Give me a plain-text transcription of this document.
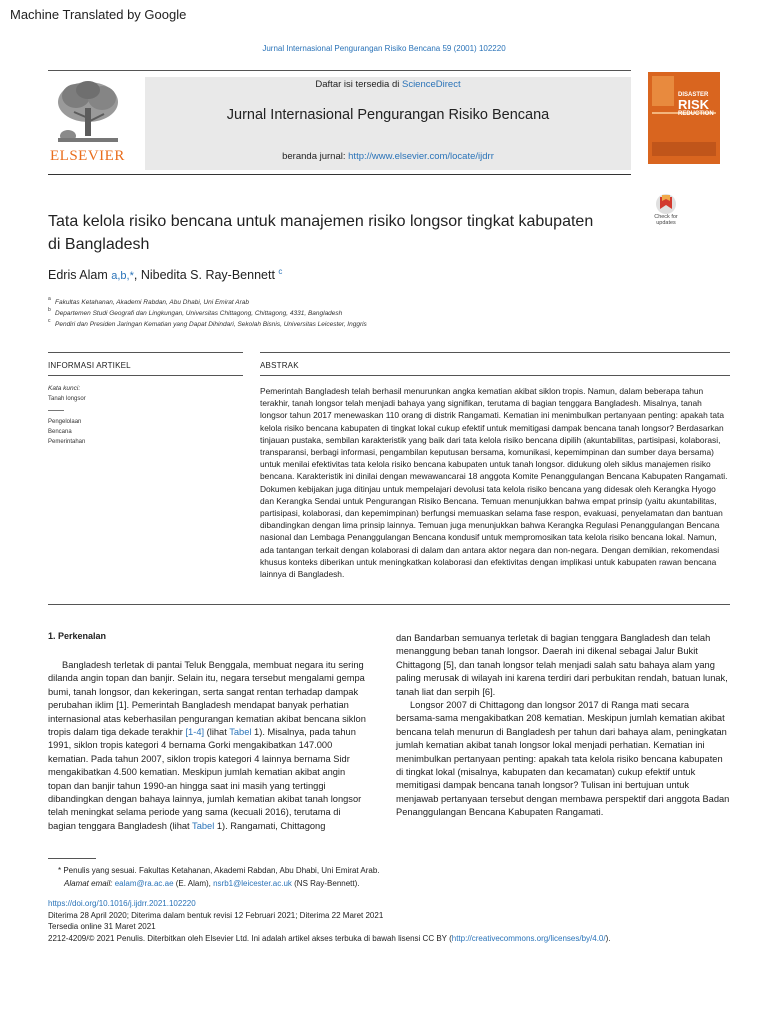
Machine Translated by Google
Jurnal Internasional Pengurangan Risiko Bencana 59 (2001) 102220
ELSEVIER
Daftar isi tersedia di ScienceDirect
Jurnal Internasional Pengurangan Risiko Bencana
beranda jurnal: http://www.elsevier.com/locate/ijdrr
DISASTER
RISK
REDUCTION
Tata kelola risiko bencana untuk manajemen risiko longsor tingkat kabupaten
di Bangladesh
Check for updates
Edris Alam a,b,*, Nibedita S. Ray-Bennett $^c$
a Fakultas Ketahanan, Akademi Rabdan, Abu Dhabi, Uni Emirat Arab
b Departemen Studi Geografi dan Lingkungan, Universitas Chittagong, Chittagong, 4331, Bangladesh
c Pendiri dan Presiden Jaringan Kematian yang Dapat Dihindari, Sekolah Bisnis, Universitas Leicester, Inggris
INFORMASI ARTIKEL	ABSTRAK
Kata kunci:
Tanah longsor
Pengelolaan
Bencana
Pemerintahan
Pemerintah Bangladesh telah berhasil menurunkan angka kematian akibat siklon tropis. Namun, dalam beberapa tahun terakhir, tanah longsor telah menjadi bahaya yang signifikan, terutama di bagian tenggara Bangladesh. Misalnya, tanah longsor tahun 2017 menewaskan 110 orang di distrik Rangamati. Kematian ini menimbulkan pertanyaan penting: apakah tata kelola risiko bencana kabupaten di tingkat lokal cukup efektif untuk memitigasi dampak bencana tanah longsor? Berdasarkan tinjauan pustaka, sembilan karakteristik yang baik dari tata kelola risiko bencana dipilih (akuntabilitas, partisipasi, kolaborasi, transparansi, berbagi informasi, pengambilan keputusan bersama, komunikasi, kepemimpinan dan sumber daya bersama) untuk menilai efektivitas tata kelola risiko bencana kabupaten untuk tanah longsor. didukung oleh siklus manajemen risiko bencana. Karakteristik ini dinilai dengan mewawancarai 18 anggota Komite Penanggulangan Bencana Kabupaten Rangamati. Dokumen kebijakan juga ditinjau untuk mempelajari devolusi tata kelola risiko bencana yang didesak oleh Kerangka Hyogo dan Kerangka Sendai untuk Pengurangan Risiko Bencana. Temuan menunjukkan bahwa empat prinsip (yaitu akuntabilitas, partisipasi, kolaborasi, dan kepemimpinan) berfungsi memuaskan selama fase respon, evakuasi, penyelamatan dan bantuan dibandingkan dengan lima prinsip lainnya. Temuan juga menunjukkan bahwa Kerangka Regulasi Penanggulangan Bencana nasional dan Lembaga Penanggulangan Bencana kondusif untuk mempromosikan tata kelola risiko bencana lokal. Namun, ada tantangan terkait dengan kolaborasi di dalam dan antara aktor negara dan non-negara. Dengan demikian, rekomendasi khusus konteks diberikan untuk meningkatkan kolaborasi dan efektivitas dengan implikasi untuk kabupaten rawan bencana lainnya di Bangladesh.
1. Perkenalan

Bangladesh terletak di pantai Teluk Benggala, membuat negara itu sering dilanda angin topan dan banjir. Selain itu, negara tersebut mengalami gempa bumi, tanah longsor, dan kekeringan, serta sangat rentan terhadap dampak perubahan iklim [1]. Pemerintah Bangladesh mendapat banyak perhatian internasional atas keberhasilan pengurangan kematian akibat bencana siklon tropis dalam tiga dekade terakhir [1-4] (lihat Tabel 1). Misalnya, pada tahun 1991, siklon tropis kategori 4 bernama Gorki mengakibatkan 147.000 kematian. Pada tahun 2007, siklon tropis kategori 4 lainnya bernama Sidr mengakibatkan 4.500 kematian. Meskipun jumlah kematian akibat angin topan dan banjir tahun 1990-an hingga saat ini masih yang tertinggi dibandingkan dengan bahaya lainnya, jumlah kematian akibat tanah longsor telah meningkat selama periode yang sama (kecuali 2016), terutama di bagian tenggara Bangladesh (lihat Tabel 1). Rangamati, Chittagong

dan Bandarban semuanya terletak di bagian tenggara Bangladesh dan telah menanggung beban tanah longsor. Daerah ini dikenal sebagai Jalur Bukit Chittagong [5], dan tanah longsor telah menjadi salah satu bahaya alam yang paling merusak di wilayah ini karena terdiri dari perbukitan rendah, batuan lunak, tanah liat dan serpih [6].

Longsor 2007 di Chittagong dan longsor 2017 di Ranga mati secara bersama-sama mengakibatkan 208 kematian. Meskipun jumlah kematian akibat bencana telah menurun di Bangladesh per tahun dari bahaya alam, peningkatan jumlah kematian akibat tanah longsor lokal menjadi perhatian. Kematian ini menimbulkan pertanyaan penting: apakah tata kelola risiko bencana kabupaten di tingkat lokal (misalnya, kabupaten dan kecamatan) cukup efektif untuk memitigasi dampak bencana tanah longsor? Tulisan ini bertujuan untuk menjawab pertanyaan tersebut dengan membawa perspektif dari anggota Badan Penanggulangan Bencana Kabupaten Rangamati.

* Penulis yang sesuai. Fakultas Ketahanan, Akademi Rabdan, Abu Dhabi, Uni Emirat Arab.
Alamat email: ealam@ra.ac.ae (E. Alam), nsrb1@leicester.ac.uk (NS Ray-Bennett).
https://doi.org/10.1016/j.ijdrr.2021.102220
Diterima 28 April 2020; Diterima dalam bentuk revisi 12 Februari 2021; Diterima 22 Maret 2021
Tersedia online 31 Maret 2021
2212-4209/© 2021 Penulis. Diterbitkan oleh Elsevier Ltd. Ini adalah artikel akses terbuka di bawah lisensi CC BY (http://creativecommons.org/licenses/by/4.0/).
